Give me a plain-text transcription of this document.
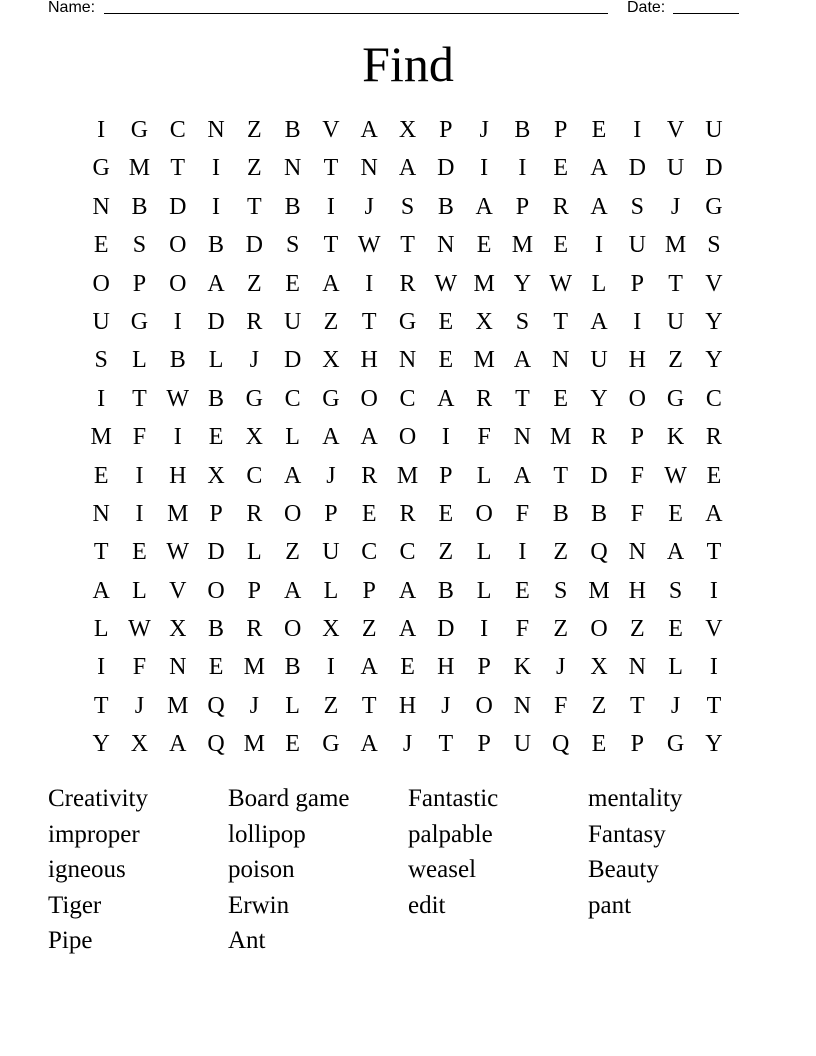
Name:	Date:
Find
I	G C N Z B V A X P	J	B P	E	I	V U
G M T	I	Z N T N A D	I	I	E A D U D
N B D	I	T B	I	J	S B A P R A S	J	G
E	S O B D S	T W T N E M E	I	U M S
O P O A Z E A	I	R W M Y W L	P	T V
U G	I	D R U Z T G E X S	T A	I	U Y
S	L B L	J	D X H N E M A N U H Z Y
I	T W B G C G O C A R T E Y O G C
M F	I	E X L A A O	I	F N M R P K R
E	I	H X C A	J	R M P	L A T D F W E
N	I M P R O P	E R E O F B B F	E A
T E W D L Z U C C Z L	I	Z Q N A T
A L V O P A L	P A B L E	S M H S	I
L W X B R O X Z A D	I	F	Z O Z E V
I	F N E M B	I	A E H P K	J	X N L	I
T	J M Q	J	L Z T H	J	O N F	Z T	J	T
Y X A Q M E G A	J	T	P U Q E	P G Y
Creativity	Board game	Fantastic	mentality
improper	lollipop	palpable	Fantasy
igneous	poison	weasel	Beauty
Tiger	Erwin	edit	pant
Pipe	Ant
